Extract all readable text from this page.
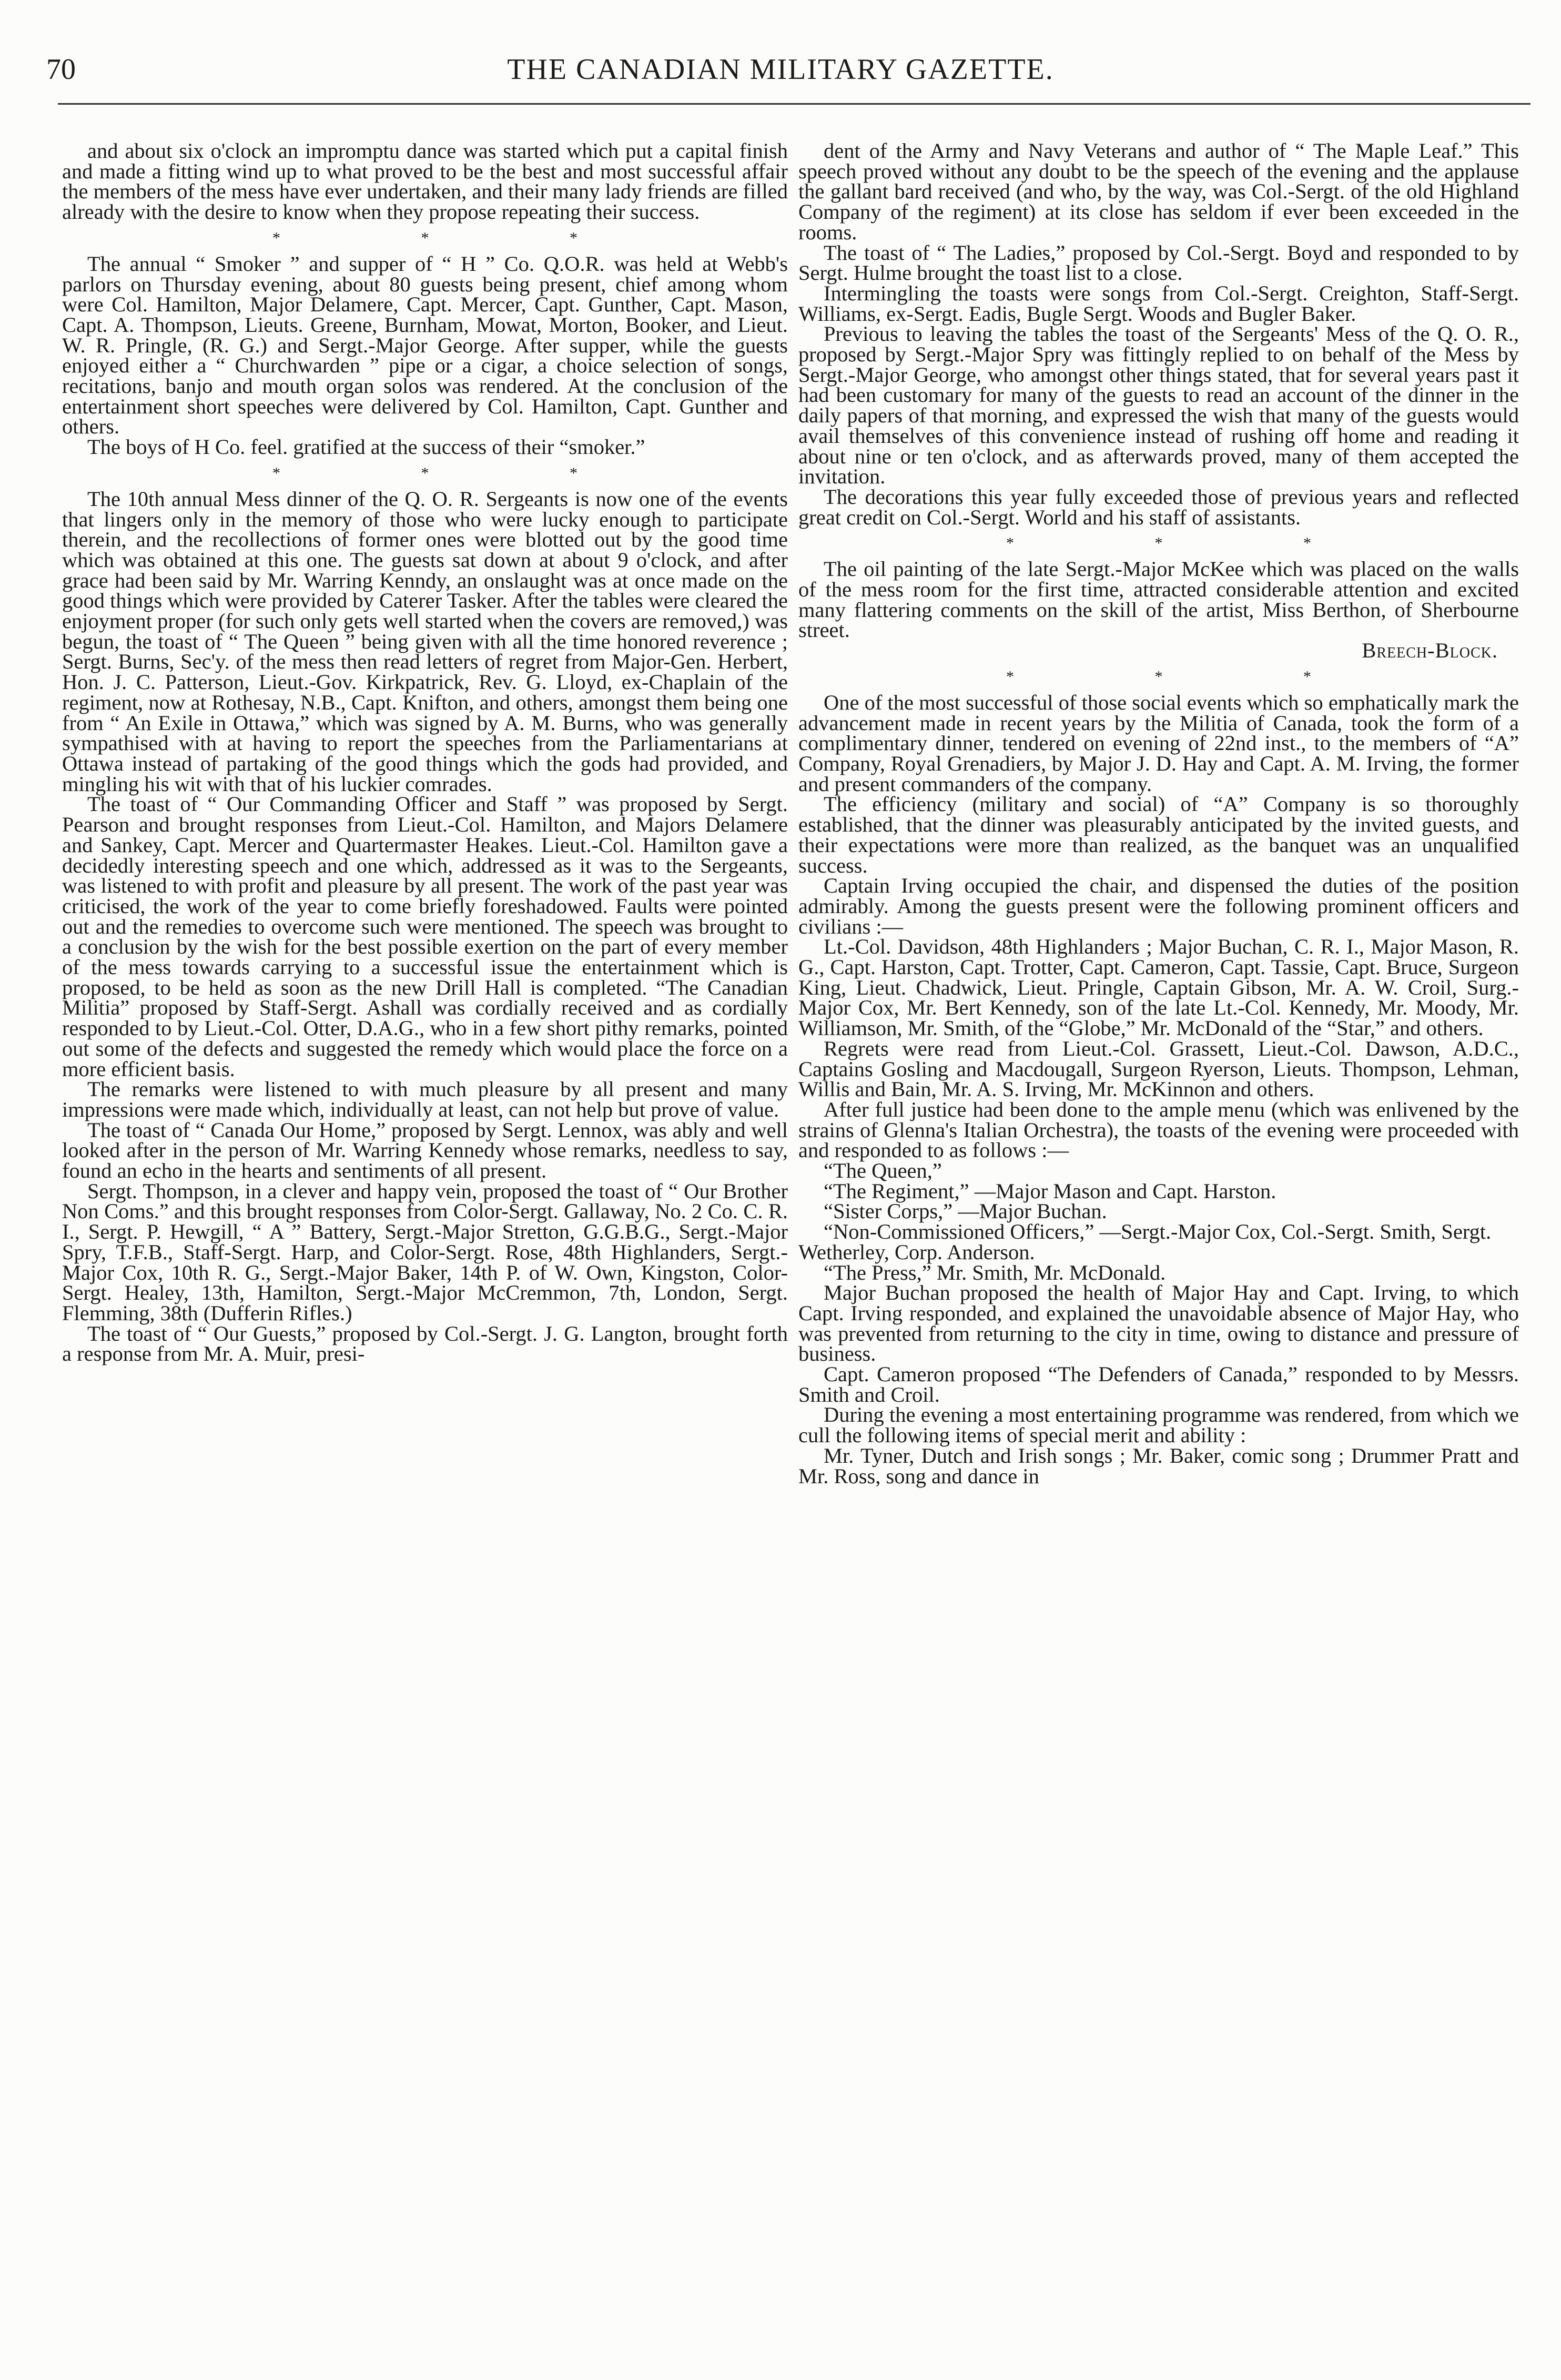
70	THE CANADIAN MILITARY GAZETTE.

and about six o'clock an impromptu dance was started which put a capital finish and made a fitting wind up to what proved to be the best and most successful affair the members of the mess have ever undertaken, and their many lady friends are filled already with the desire to know when they propose repeating their success.

* * *

The annual “ Smoker ” and supper of “ H ” Co. Q.O.R. was held at Webb's parlors on Thursday evening, about 80 guests being present, chief among whom were Col. Hamilton, Major Delamere, Capt. Mercer, Capt. Gunther, Capt. Mason, Capt. A. Thompson, Lieuts. Greene, Burnham, Mowat, Morton, Booker, and Lieut. W. R. Pringle, (R. G.) and Sergt.-Major George. After supper, while the guests enjoyed either a “ Churchwarden ” pipe or a cigar, a choice selection of songs, recitations, banjo and mouth organ solos was rendered. At the conclusion of the entertainment short speeches were delivered by Col. Hamilton, Capt. Gunther and others.

The boys of H Co. feel. gratified at the success of their “smoker.”

* * *

The 10th annual Mess dinner of the Q. O. R. Sergeants is now one of the events that lingers only in the memory of those who were lucky enough to participate therein, and the recollections of former ones were blotted out by the good time which was obtained at this one. The guests sat down at about 9 o'clock, and after grace had been said by Mr. Warring Kenndy, an onslaught was at once made on the good things which were provided by Caterer Tasker. After the tables were cleared the enjoyment proper (for such only gets well started when the covers are removed,) was begun, the toast of “ The Queen ” being given with all the time honored reverence ; Sergt. Burns, Sec'y. of the mess then read letters of regret from Major-Gen. Herbert, Hon. J. C. Patterson, Lieut.-Gov. Kirkpatrick, Rev. G. Lloyd, ex-Chaplain of the regiment, now at Rothesay, N.B., Capt. Knifton, and others, amongst them being one from “ An Exile in Ottawa,” which was signed by A. M. Burns, who was generally sympathised with at having to report the speeches from the Parliamentarians at Ottawa instead of partaking of the good things which the gods had provided, and mingling his wit with that of his luckier comrades.

The toast of “ Our Commanding Officer and Staff ” was proposed by Sergt. Pearson and brought responses from Lieut.-Col. Hamilton, and Majors Delamere and Sankey, Capt. Mercer and Quartermaster Heakes. Lieut.-Col. Hamilton gave a decidedly interesting speech and one which, addressed as it was to the Sergeants, was listened to with profit and pleasure by all present. The work of the past year was criticised, the work of the year to come briefly foreshadowed. Faults were pointed out and the remedies to overcome such were mentioned. The speech was brought to a conclusion by the wish for the best possible exertion on the part of every member of the mess towards carrying to a successful issue the entertainment which is proposed, to be held as soon as the new Drill Hall is completed. “The Canadian Militia” proposed by Staff-Sergt. Ashall was cordially received and as cordially responded to by Lieut.-Col. Otter, D.A.G., who in a few short pithy remarks, pointed out some of the defects and suggested the remedy which would place the force on a more efficient basis.

The remarks were listened to with much pleasure by all present and many impressions were made which, individually at least, can not help but prove of value.

The toast of “ Canada Our Home,” proposed by Sergt. Lennox, was ably and well looked after in the person of Mr. Warring Kennedy whose remarks, needless to say, found an echo in the hearts and sentiments of all present.

Sergt. Thompson, in a clever and happy vein, proposed the toast of “ Our Brother Non Coms.” and this brought responses from Color-Sergt. Gallaway, No. 2 Co. C. R. I., Sergt. P. Hewgill, “ A ” Battery, Sergt.-Major Stretton, G.G.B.G., Sergt.-Major Spry, T.F.B., Staff-Sergt. Harp, and Color-Sergt. Rose, 48th Highlanders, Sergt.-Major Cox, 10th R. G., Sergt.-Major Baker, 14th P. of W. Own, Kingston, Color-Sergt. Healey, 13th, Hamilton, Sergt.-Major McCremmon, 7th, London, Sergt. Flemming, 38th (Dufferin Rifles.)

The toast of “ Our Guests,” proposed by Col.-Sergt. J. G. Langton, brought forth a response from Mr. A. Muir, presi-

dent of the Army and Navy Veterans and author of “ The Maple Leaf.” This speech proved without any doubt to be the speech of the evening and the applause the gallant bard received (and who, by the way, was Col.-Sergt. of the old Highland Company of the regiment) at its close has seldom if ever been exceeded in the rooms.

The toast of “ The Ladies,” proposed by Col.-Sergt. Boyd and responded to by Sergt. Hulme brought the toast list to a close.

Intermingling the toasts were songs from Col.-Sergt. Creighton, Staff-Sergt. Williams, ex-Sergt. Eadis, Bugle Sergt. Woods and Bugler Baker.

Previous to leaving the tables the toast of the Sergeants' Mess of the Q. O. R., proposed by Sergt.-Major Spry was fittingly replied to on behalf of the Mess by Sergt.-Major George, who amongst other things stated, that for several years past it had been customary for many of the guests to read an account of the dinner in the daily papers of that morning, and expressed the wish that many of the guests would avail themselves of this convenience instead of rushing off home and reading it about nine or ten o'clock, and as afterwards proved, many of them accepted the invitation.

The decorations this year fully exceeded those of previous years and reflected great credit on Col.-Sergt. World and his staff of assistants.

* * *

The oil painting of the late Sergt.-Major McKee which was placed on the walls of the mess room for the first time, attracted considerable attention and excited many flattering comments on the skill of the artist, Miss Berthon, of Sherbourne street.

Breech-Block.

* * *

One of the most successful of those social events which so emphatically mark the advancement made in recent years by the Militia of Canada, took the form of a complimentary dinner, tendered on evening of 22nd inst., to the members of “A” Company, Royal Grenadiers, by Major J. D. Hay and Capt. A. M. Irving, the former and present commanders of the company.

The efficiency (military and social) of “A” Company is so thoroughly established, that the dinner was pleasurably anticipated by the invited guests, and their expectations were more than realized, as the banquet was an unqualified success.

Captain Irving occupied the chair, and dispensed the duties of the position admirably. Among the guests present were the following prominent officers and civilians :—

Lt.-Col. Davidson, 48th Highlanders ; Major Buchan, C. R. I., Major Mason, R. G., Capt. Harston, Capt. Trotter, Capt. Cameron, Capt. Tassie, Capt. Bruce, Surgeon King, Lieut. Chadwick, Lieut. Pringle, Captain Gibson, Mr. A. W. Croil, Surg.-Major Cox, Mr. Bert Kennedy, son of the late Lt.-Col. Kennedy, Mr. Moody, Mr. Williamson, Mr. Smith, of the “Globe,” Mr. McDonald of the “Star,” and others.

Regrets were read from Lieut.-Col. Grassett, Lieut.-Col. Dawson, A.D.C., Captains Gosling and Macdougall, Surgeon Ryerson, Lieuts. Thompson, Lehman, Willis and Bain, Mr. A. S. Irving, Mr. McKinnon and others.

After full justice had been done to the ample menu (which was enlivened by the strains of Glenna's Italian Orchestra), the toasts of the evening were proceeded with and responded to as follows :—

“The Queen,”

“The Regiment,” —Major Mason and Capt. Harston.

“Sister Corps,” —Major Buchan.

“Non-Commissioned Officers,” —Sergt.-Major Cox, Col.-Sergt. Smith, Sergt. Wetherley, Corp. Anderson.

“The Press,” Mr. Smith, Mr. McDonald.

Major Buchan proposed the health of Major Hay and Capt. Irving, to which Capt. Irving responded, and explained the unavoidable absence of Major Hay, who was prevented from returning to the city in time, owing to distance and pressure of business.

Capt. Cameron proposed “The Defenders of Canada,” responded to by Messrs. Smith and Croil.

During the evening a most entertaining programme was rendered, from which we cull the following items of special merit and ability :

Mr. Tyner, Dutch and Irish songs ; Mr. Baker, comic song ; Drummer Pratt and Mr. Ross, song and dance in
